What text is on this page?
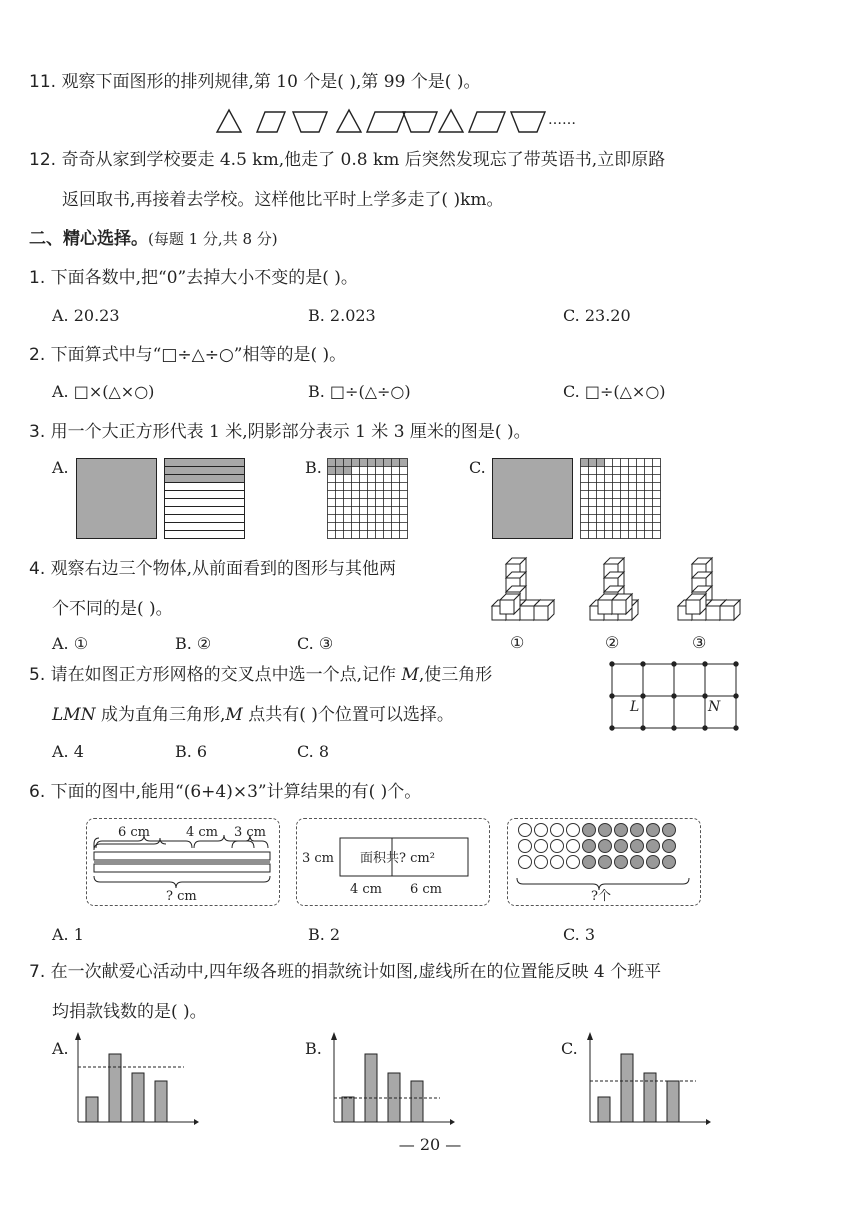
11. 观察下面图形的排列规律,第 10 个是( ),第 99 个是( )。
……
12. 奇奇从家到学校要走 4.5 km,他走了 0.8 km 后突然发现忘了带英语书,立即原路
返回取书,再接着去学校。这样他比平时上学多走了( )km。
二、精心选择。(每题 1 分,共 8 分)
1. 下面各数中,把“0”去掉大小不变的是( )。
A. 20.23	B. 2.023	C. 23.20
2. 下面算式中与“□÷△÷○”相等的是( )。
A. □×(△×○)	B. □÷(△÷○)	C. □÷(△×○)
3. 用一个大正方形代表 1 米,阴影部分表示 1 米 3 厘米的图是( )。
A.	B.	C.
4. 观察右边三个物体,从前面看到的图形与其他两
个不同的是( )。
A. ①	B. ②	C. ③	①	②	③
5. 请在如图正方形网格的交叉点中选一个点,记作 M,使三角形
LMN 成为直角三角形,M 点共有( )个位置可以选择。
A. 4	B. 6	C. 8
L	N
6. 下面的图中,能用“(6+4)×3”计算结果的有( )个。
6 cm	4 cm 3 cm
? cm
3 cm 面积共? cm²
4 cm 6 cm	?个
A. 1	B. 2	C. 3
7. 在一次献爱心活动中,四年级各班的捐款统计如图,虚线所在的位置能反映 4 个班平
均捐款钱数的是( )。
A.	B.	C.
— 20 —
